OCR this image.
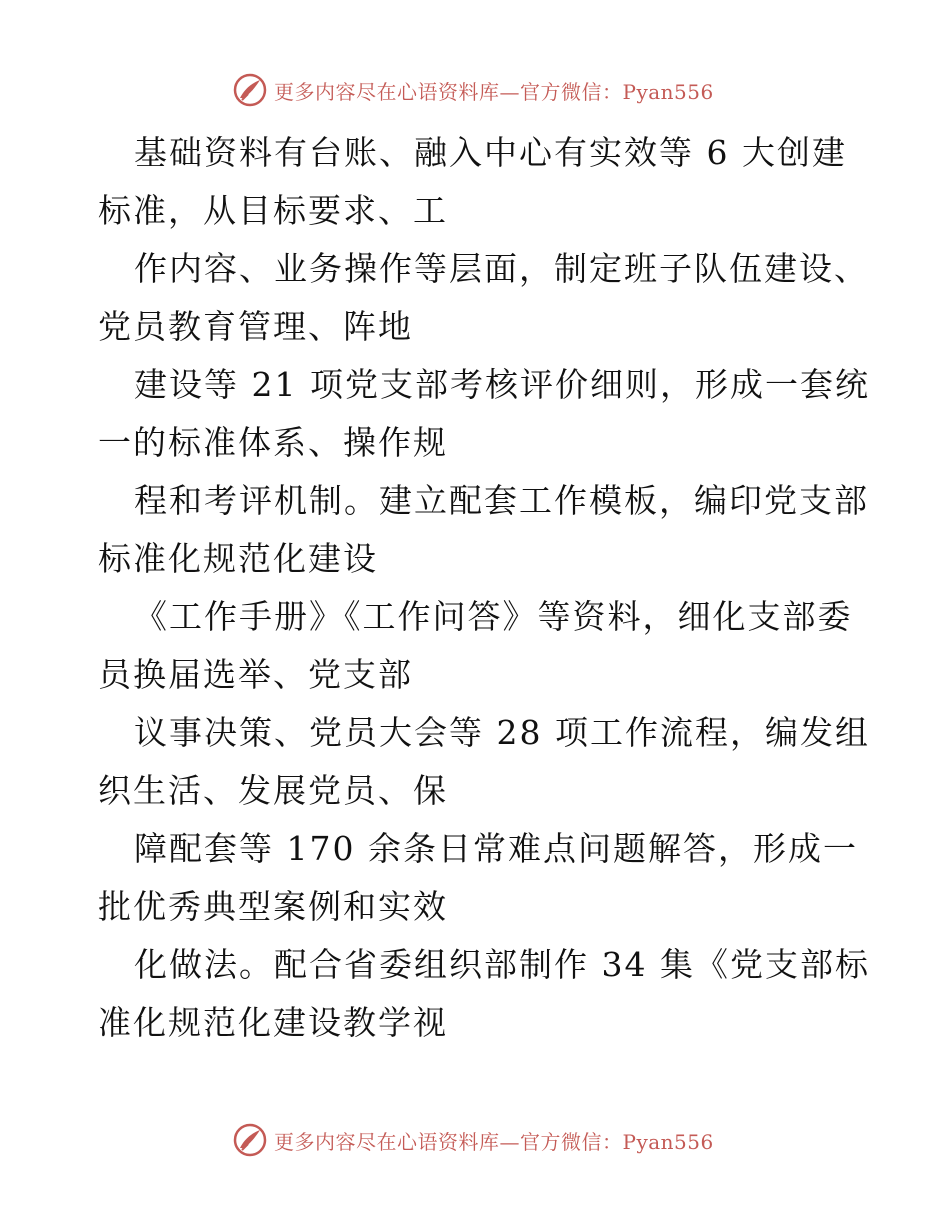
更多内容尽在心语资料库—官方微信：Pyan556
基础资料有台账、融入中心有实效等 6 大创建
标准，从目标要求、工
作内容、业务操作等层面，制定班子队伍建设、
党员教育管理、阵地
建设等 21 项党支部考核评价细则，形成一套统
一的标准体系、操作规
程和考评机制。建立配套工作模板，编印党支部
标准化规范化建设
《工作手册》《工作问答》等资料，细化支部委
员换届选举、党支部
议事决策、党员大会等 28 项工作流程，编发组
织生活、发展党员、保
障配套等 170 余条日常难点问题解答，形成一
批优秀典型案例和实效
化做法。配合省委组织部制作 34 集《党支部标
准化规范化建设教学视
更多内容尽在心语资料库—官方微信：Pyan556
